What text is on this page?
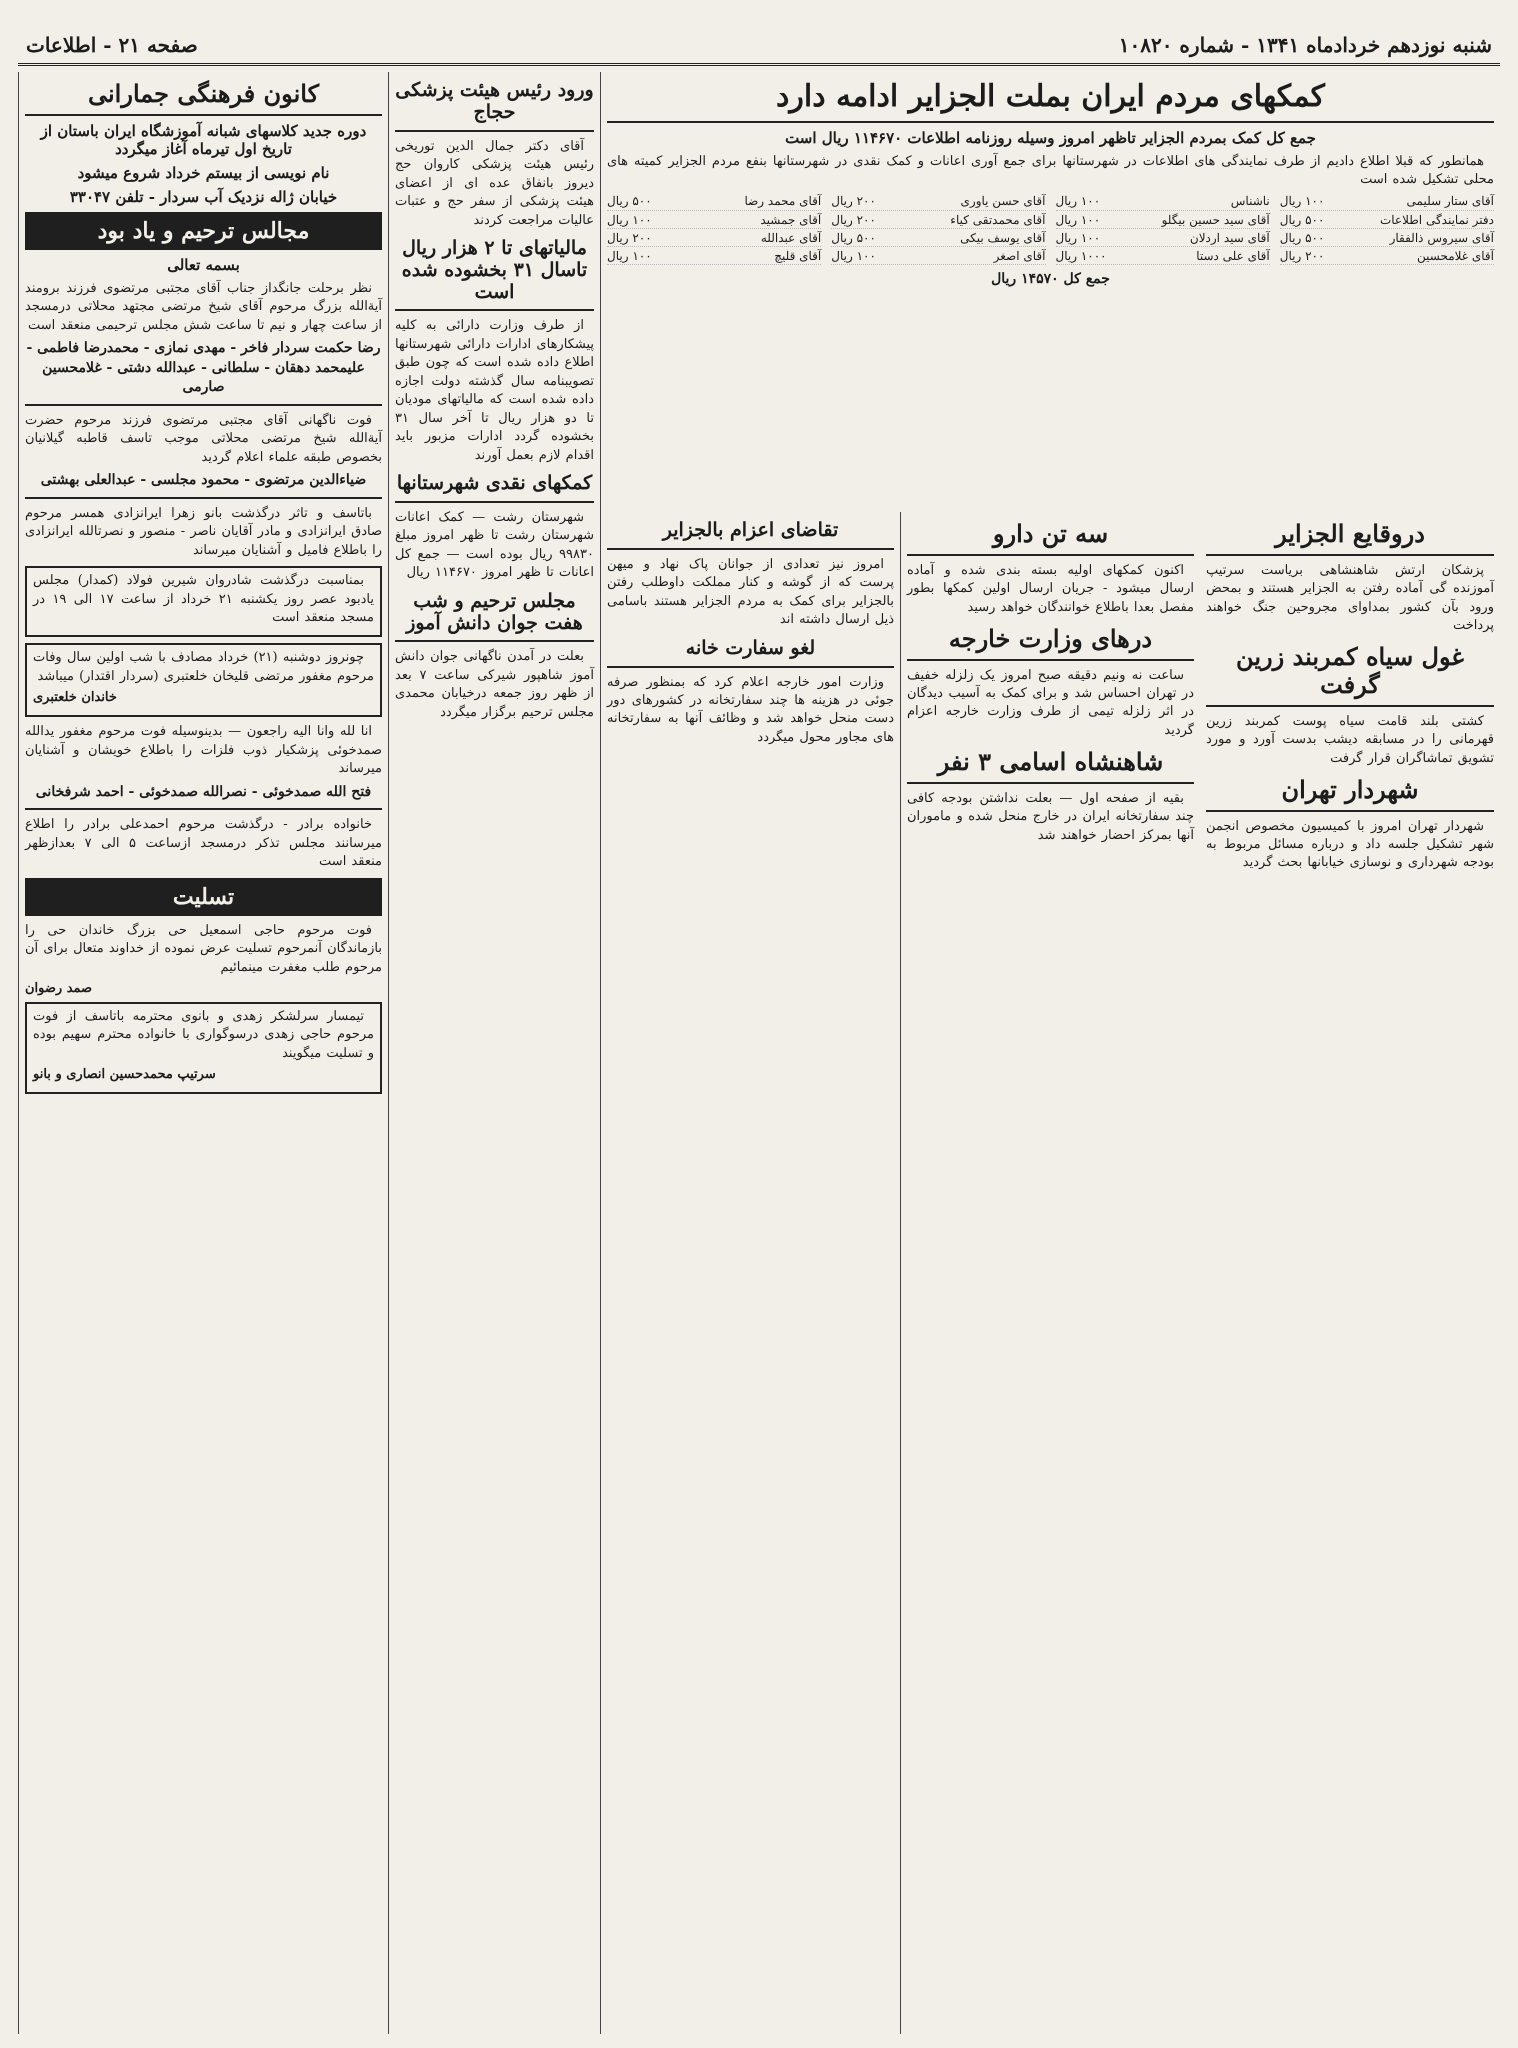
شنبه نوزدهم خردادماه ۱۳۴۱ - شماره ۱۰۸۲۰
صفحه ۲۱ - اطلاعات
کانون فرهنگی جمارانی
دوره جدید کلاسهای شبانه آموزشگاه ایران باستان از تاریخ اول تیرماه آغاز میگردد
نام نویسی از بیستم خرداد شروع میشود
خیابان ژاله نزدیک آب سردار - تلفن ۳۳۰۴۷
مجالس ترحیم و یاد بود
بسمه تعالی

نظر برحلت جانگداز جناب آقای مجتبی مرتضوی فرزند برومند آیةالله بزرگ مرحوم آقای شیخ مرتضی مجتهد محلاتی درمسجد از ساعت چهار و نیم تا ساعت شش مجلس ترحیمی منعقد است

رضا حکمت سردار فاخر - مهدی نمازی - محمدرضا فاطمی - علیمحمد دهقان - سلطانی - عبدالله دشتی - غلامحسین صارمی

فوت ناگهانی آقای مجتبی مرتضوی فرزند مرحوم حضرت آیةالله شیخ مرتضی محلاتی موجب تاسف قاطبه گیلانیان بخصوص طبقه علماء اعلام گردید

ضیاءالدین مرتضوی - محمود مجلسی - عبدالعلی بهشتی

باتاسف و تاثر درگذشت بانو زهرا ایرانزادی همسر مرحوم صادق ایرانزادی و مادر آقایان ناصر - منصور و نصرتالله ایرانزادی را باطلاع فامیل و آشنایان میرساند

بمناسبت درگذشت شادروان شیرین فولاد (کمدار) مجلس یادبود عصر روز یکشنبه ۲۱ خرداد از ساعت ۱۷ الی ۱۹ در مسجد منعقد است

چونروز دوشنبه (۲۱) خرداد مصادف با شب اولین سال وفات مرحوم مغفور مرتضی قلیخان خلعتبری (سردار اقتدار) میباشد

خاندان خلعتبری

انا لله وانا الیه راجعون — بدینوسیله فوت مرحوم مغفور یدالله صمدخوئی پزشکیار ذوب فلزات را باطلاع خویشان و آشنایان میرساند

فتح الله صمدخوئی - نصرالله صمدخوئی - احمد شرفخانی

خانواده برادر - درگذشت مرحوم احمدعلی برادر را اطلاع میرسانند مجلس تذکر درمسجد ازساعت ۵ الی ۷ بعدازظهر منعقد است

تسلیت

فوت مرحوم حاجی اسمعیل حی بزرگ خاندان حی را بازماندگان آنمرحوم تسلیت عرض نموده از خداوند متعال برای آن مرحوم طلب مغفرت مینمائیم

صمد رضوان

تیمسار سرلشکر زهدی و بانوی محترمه باتاسف از فوت مرحوم حاجی زهدی درسوگواری با خانواده محترم سهیم بوده و تسلیت میگویند

سرتیپ محمدحسین انصاری و بانو
ورود رئیس هیئت پزشکی حجاج

آقای دکتر جمال الدین توریخی رئیس هیئت پزشکی کاروان حج دیروز بانفاق عده ای از اعضای هیئت پزشکی از سفر حج و عتبات عالیات مراجعت کردند

مالیاتهای تا ۲ هزار ریال تاسال ۳۱ بخشوده شده است

از طرف وزارت دارائی به کلیه پیشکارهای ادارات دارائی شهرستانها اطلاع داده شده است که چون طبق تصویبنامه سال گذشته دولت اجازه داده شده است که مالیاتهای مودیان تا دو هزار ریال تا آخر سال ۳۱ بخشوده گردد ادارات مزبور باید اقدام لازم بعمل آورند

کمکهای نقدی شهرستانها

شهرستان رشت — کمک اعانات شهرستان رشت تا ظهر امروز مبلغ ۹۹۸۳۰ ریال بوده است — جمع کل اعانات تا ظهر امروز ۱۱۴۶۷۰ ریال

مجلس ترحیم و شب هفت جوان دانش آموز

بعلت در آمدن ناگهانی جوان دانش آموز شاهپور شیرکی ساعت ۷ بعد از ظهر روز جمعه درخیابان محمدی مجلس ترحیم برگزار میگردد

کمکهای مردم ایران بملت الجزایر ادامه دارد
جمع کل کمک بمردم الجزایر تاظهر امروز وسیله روزنامه اطلاعات ۱۱۴۶۷۰ ریال است

همانطور که قبلا اطلاع دادیم از طرف نمایندگی های اطلاعات در شهرستانها برای جمع آوری اعانات و کمک نقدی در شهرستانها بنفع مردم الجزایر کمیته های محلی تشکیل شده است

آقای ستار سلیمی
۱۰۰ ریال
ناشناس
۱۰۰ ریال
آقای حسن یاوری
۲۰۰ ریال
آقای محمد رضا
۵۰۰ ریال
دفتر نمایندگی اطلاعات
۵۰۰ ریال
آقای سید حسین بیگلو
۱۰۰ ریال
آقای محمدتقی کیاء
۲۰۰ ریال
آقای جمشید
۱۰۰ ریال
آقای سیروس ذالفقار
۵۰۰ ریال
آقای سید اردلان
۱۰۰ ریال
آقای یوسف بیکی
۵۰۰ ریال
آقای عبدالله
۲۰۰ ریال
آقای غلامحسین
۲۰۰ ریال
آقای علی دستا
۱۰۰۰ ریال
آقای اصغر
۱۰۰ ریال
آقای قلیچ
۱۰۰ ریال
جمع کل ۱۴۵۷۰ ریال
تقاضای اعزام بالجزایر

امروز نیز تعدادی از جوانان پاک نهاد و میهن پرست که از گوشه و کنار مملکت داوطلب رفتن بالجزایر برای کمک به مردم الجزایر هستند باسامی ذیل ارسال داشته اند

لغو سفارت خانه

وزارت امور خارجه اعلام کرد که بمنظور صرفه جوئی در هزینه ها چند سفارتخانه در کشورهای دور دست منحل خواهد شد و وظائف آنها به سفارتخانه های مجاور محول میگردد

سه تن دارو

اکنون کمکهای اولیه بسته بندی شده و آماده ارسال میشود - جریان ارسال اولین کمکها بطور مفصل بعدا باطلاع خوانندگان خواهد رسید

درهای وزارت خارجه

ساعت نه ونیم دقیقه صبح امروز یک زلزله خفیف در تهران احساس شد و برای کمک به آسیب دیدگان در اثر زلزله تیمی از طرف وزارت خارجه اعزام گردید

شاهنشاه اسامی ۳ نفر

بقیه از صفحه اول — بعلت نداشتن بودجه کافی چند سفارتخانه ایران در خارج منحل شده و ماموران آنها بمرکز احضار خواهند شد

دروقایع الجزایر

پزشکان ارتش شاهنشاهی بریاست سرتیپ آموزنده گی آماده رفتن به الجزایر هستند و بمحض ورود بآن کشور بمداوای مجروحین جنگ خواهند پرداخت

غول سیاه کمربند زرین گرفت

کشتی بلند قامت سیاه پوست کمربند زرین قهرمانی را در مسابقه دیشب بدست آورد و مورد تشویق تماشاگران قرار گرفت

شهردار تهران

شهردار تهران امروز با کمیسیون مخصوص انجمن شهر تشکیل جلسه داد و درباره مسائل مربوط به بودجه شهرداری و نوسازی خیابانها بحث گردید
